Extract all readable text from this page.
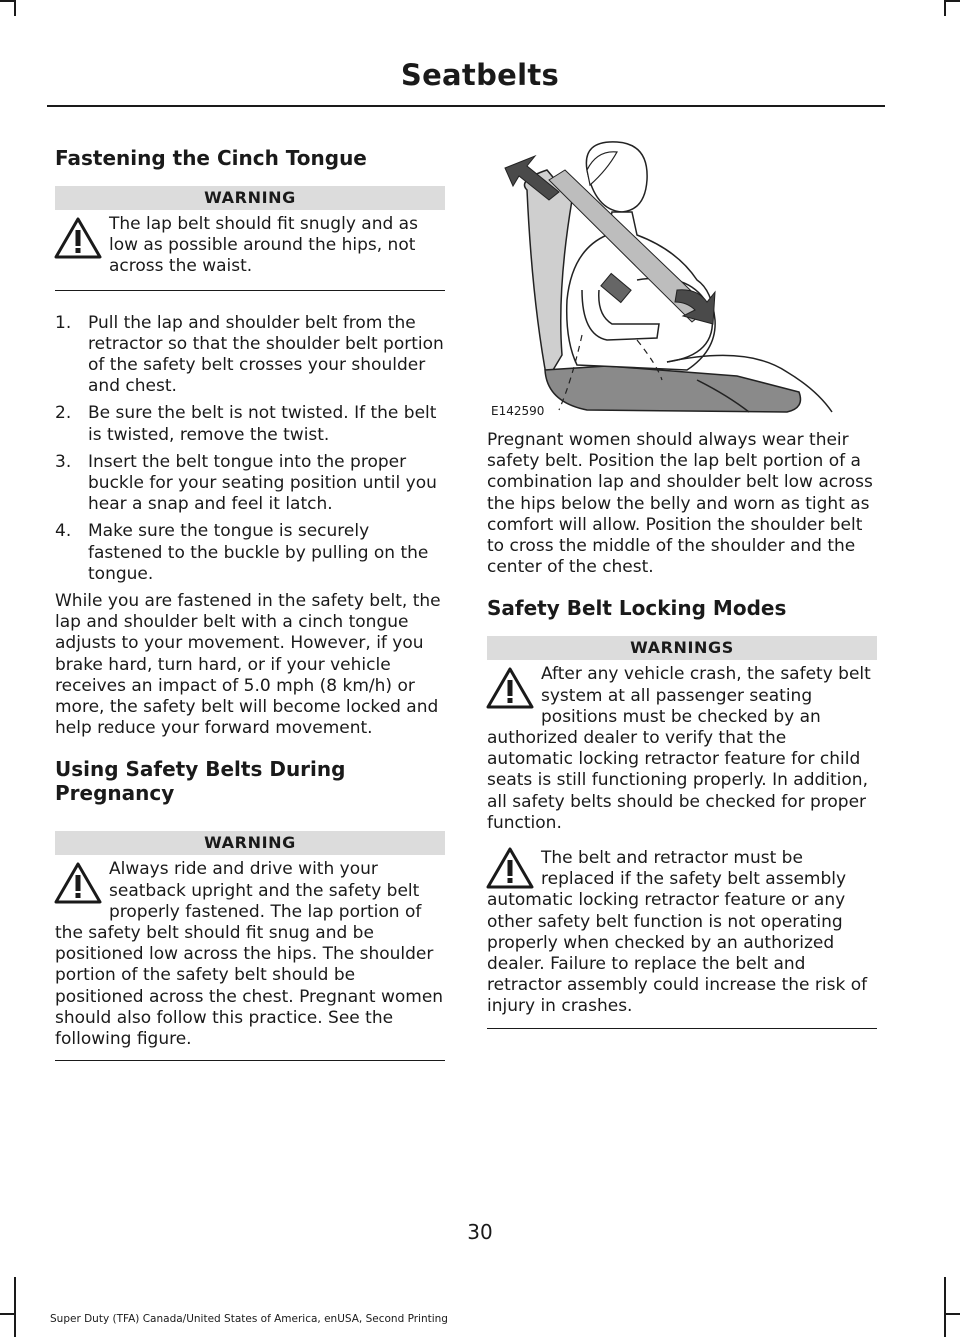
Seatbelts
Fastening the Cinch Tongue
WARNING
The lap belt should fit snugly and as low as possible around the hips, not across the waist.
1. Pull the lap and shoulder belt from the retractor so that the shoulder belt portion of the safety belt crosses your shoulder and chest.
2. Be sure the belt is not twisted. If the belt is twisted, remove the twist.
3. Insert the belt tongue into the proper buckle for your seating position until you hear a snap and feel it latch.
4. Make sure the tongue is securely fastened to the buckle by pulling on the tongue.

While you are fastened in the safety belt, the lap and shoulder belt with a cinch tongue adjusts to your movement. However, if you brake hard, turn hard, or if your vehicle receives an impact of 5.0 mph (8 km/h) or more, the safety belt will become locked and help reduce your forward movement.

Using Safety Belts During Pregnancy
WARNING
Always ride and drive with your seatback upright and the safety belt properly fastened. The lap portion of the safety belt should fit snug and be positioned low across the hips. The shoulder portion of the safety belt should be positioned across the chest. Pregnant women should also follow this practice. See the following figure.
E142590

Pregnant women should always wear their safety belt. Position the lap belt portion of a combination lap and shoulder belt low across the hips below the belly and worn as tight as comfort will allow. Position the shoulder belt to cross the middle of the shoulder and the center of the chest.

Safety Belt Locking Modes
WARNINGS
After any vehicle crash, the safety belt system at all passenger seating positions must be checked by an authorized dealer to verify that the automatic locking retractor feature for child seats is still functioning properly. In addition, all safety belts should be checked for proper function.
The belt and retractor must be replaced if the safety belt assembly automatic locking retractor feature or any other safety belt function is not operating properly when checked by an authorized dealer. Failure to replace the belt and retractor assembly could increase the risk of injury in crashes.
30
Super Duty (TFA) Canada/United States of America, enUSA, Second Printing
